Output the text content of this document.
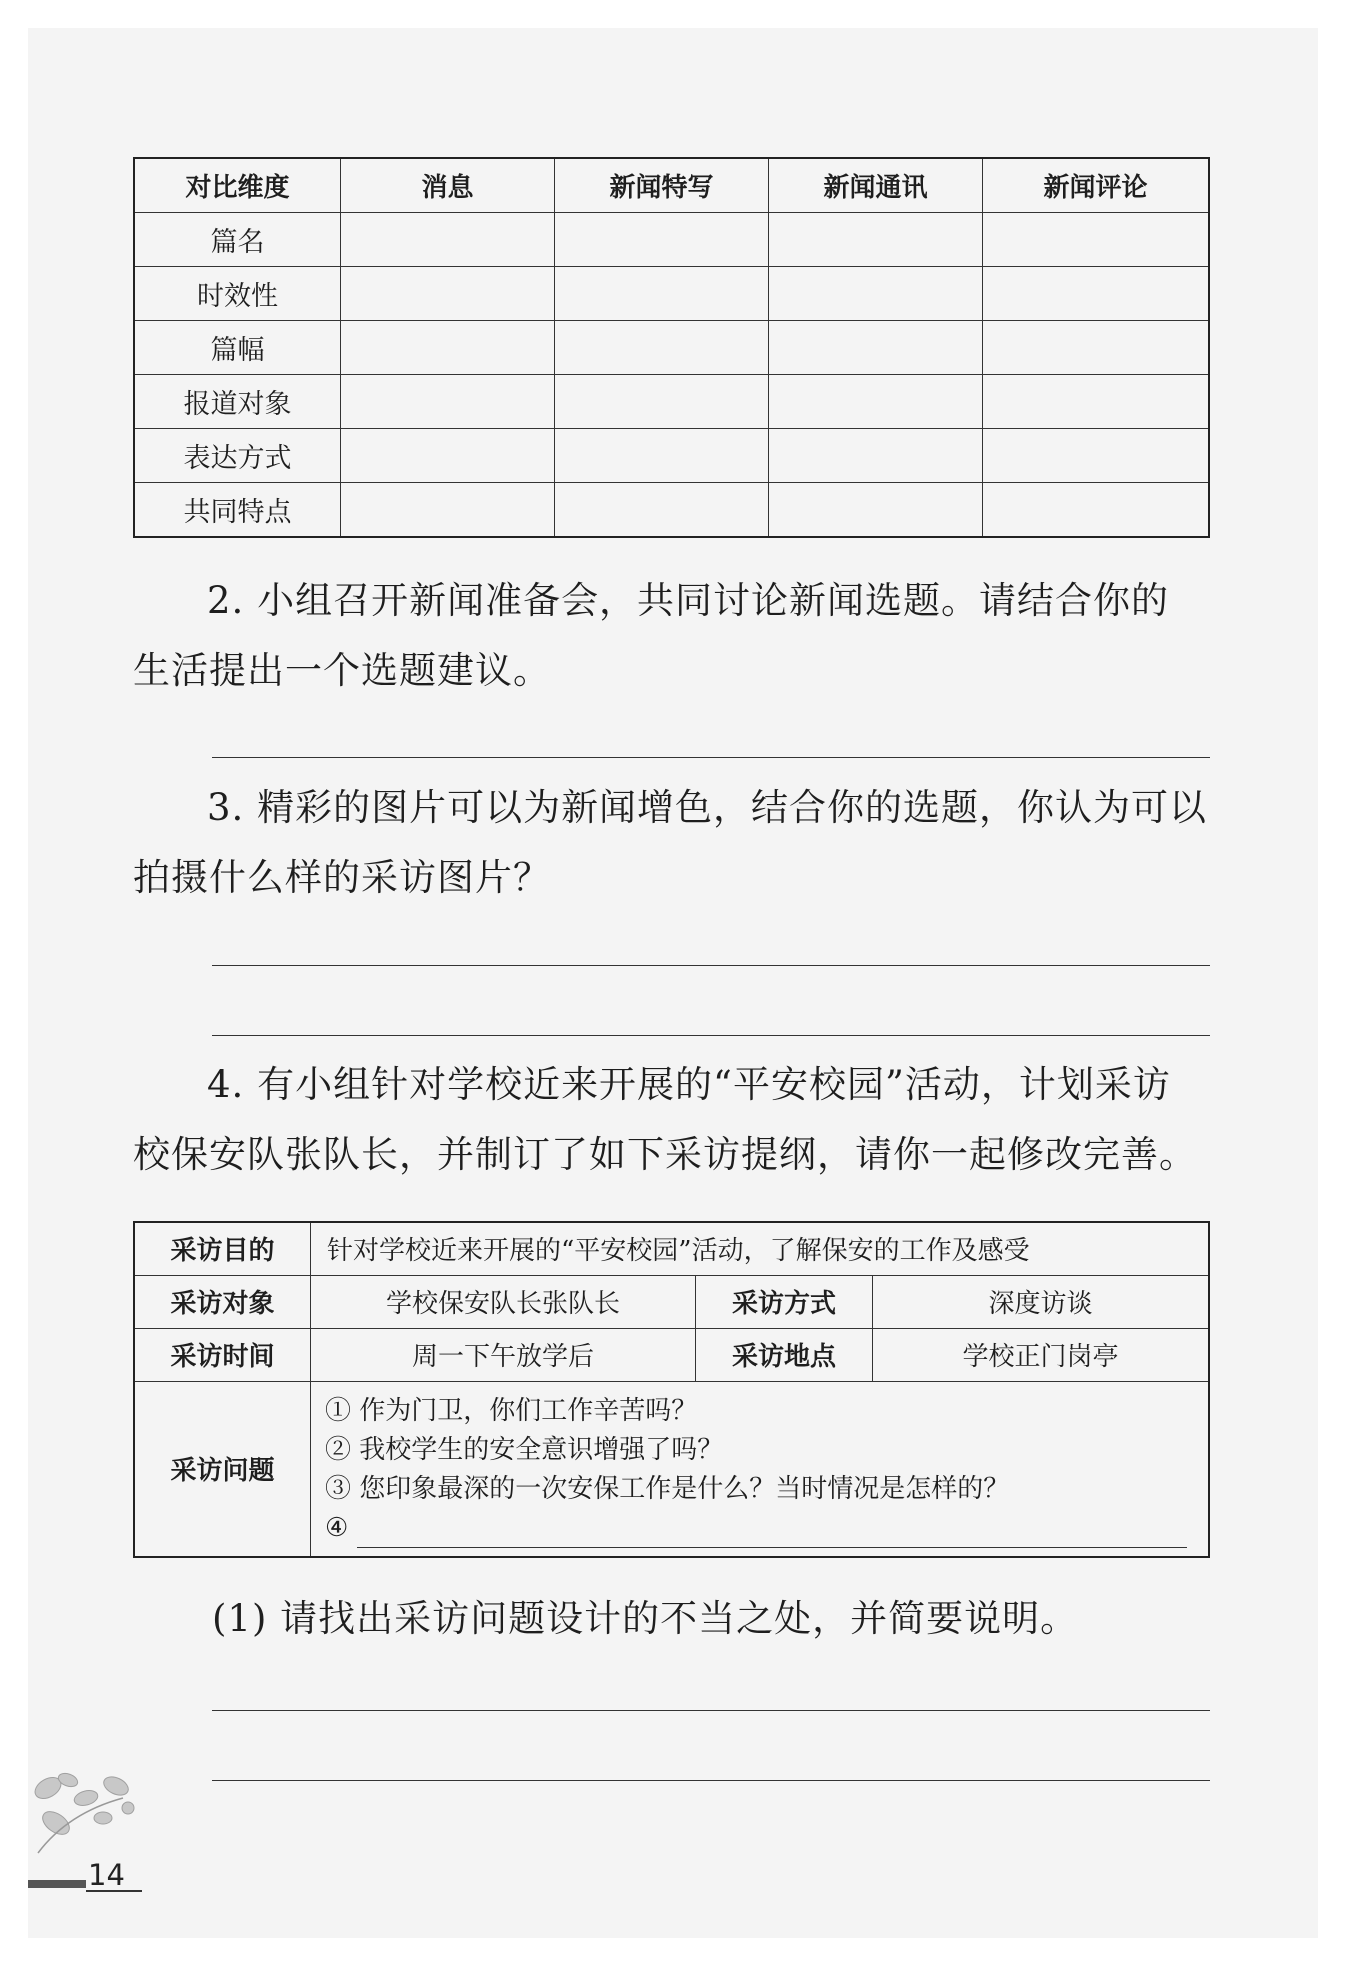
对比维度	消息	新闻特写	新闻通讯	新闻评论
篇名				
时效性				
篇幅				
报道对象				
表达方式				
共同特点				
2. 小组召开新闻准备会，共同讨论新闻选题。请结合你的
生活提出一个选题建议。
3. 精彩的图片可以为新闻增色，结合你的选题，你认为可以
拍摄什么样的采访图片？
4. 有小组针对学校近来开展的“平安校园”活动，计划采访
校保安队张队长，并制订了如下采访提纲，请你一起修改完善。
采访目的	针对学校近来开展的“平安校园”活动，了解保安的工作及感受		
采访对象	学校保安队长张队长	采访方式	深度访谈
采访时间	周一下午放学后	采访地点	学校正门岗亭
采访问题	① 作为门卫，你们工作辛苦吗？
② 我校学生的安全意识增强了吗？
③ 您印象最深的一次安保工作是什么？当时情况是怎样的？
④		
(1) 请找出采访问题设计的不当之处，并简要说明。
14
